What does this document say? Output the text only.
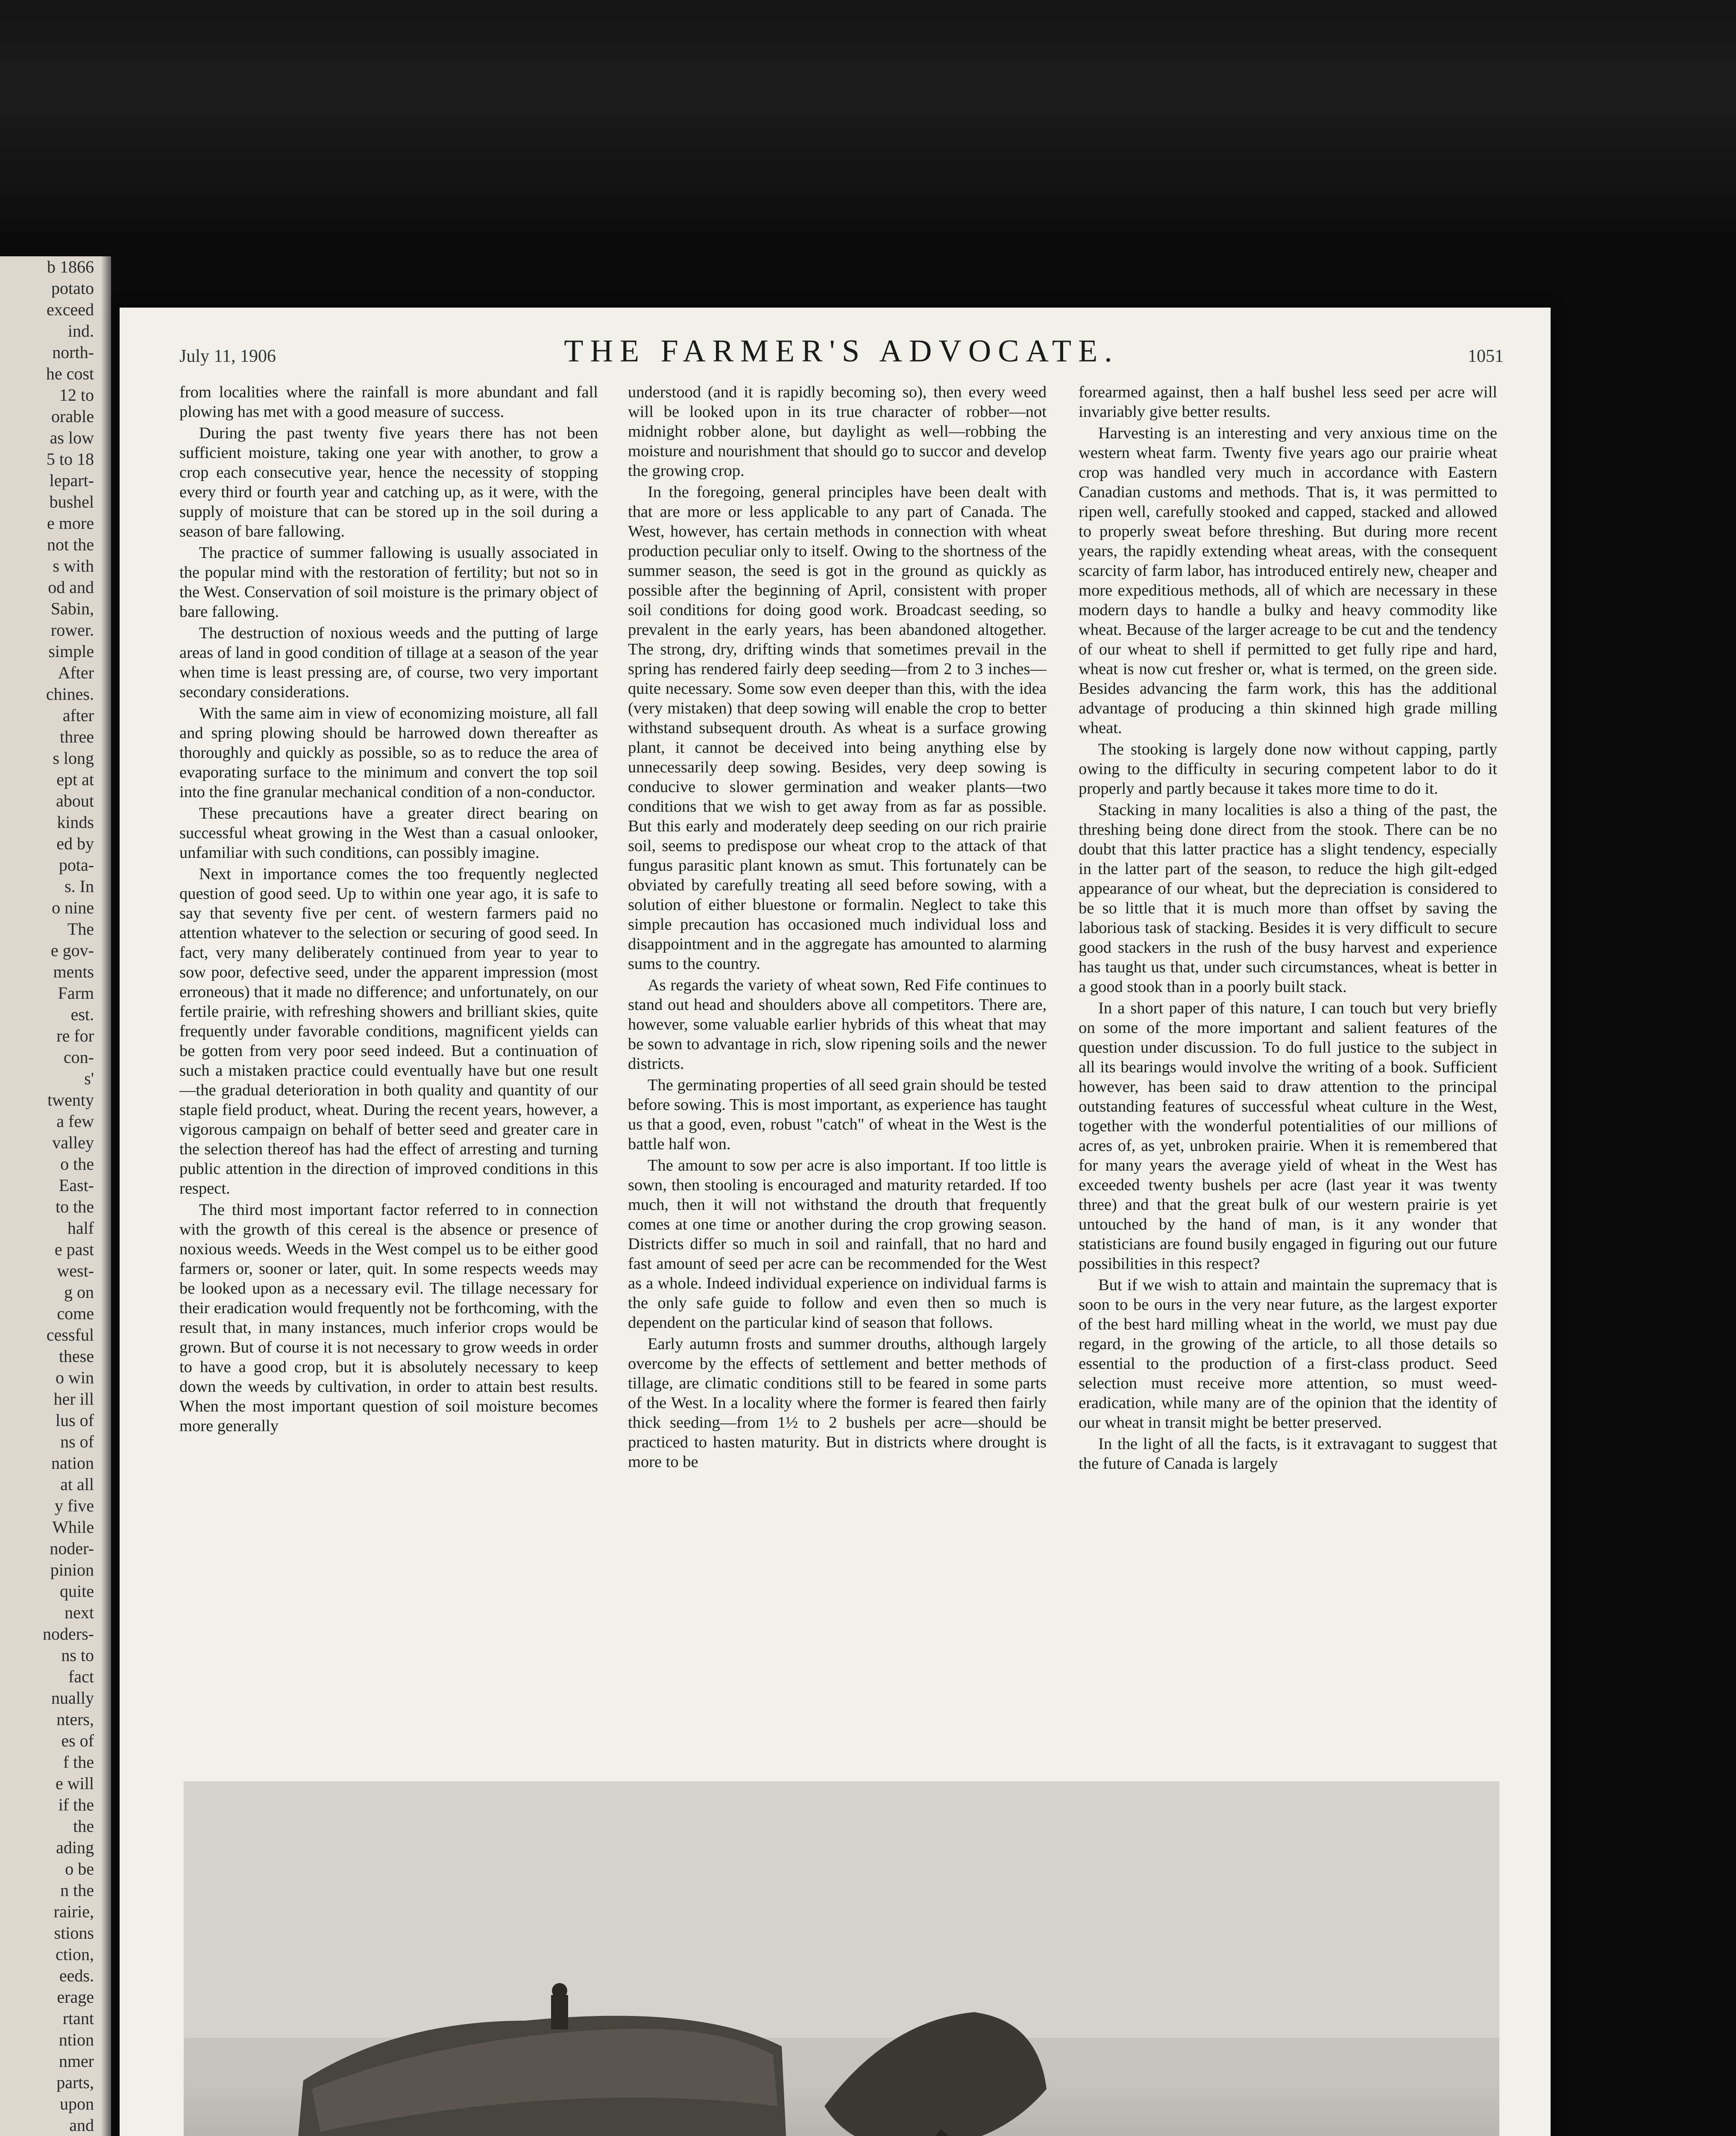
b 1866
potato
exceed
ind.
north-
he cost
12 to
orable
as low
5 to 18
lepart-
bushel
e more
not the
s with
od and
Sabin,
rower.
simple
After
chines.
after
three
s long
ept at
about
kinds
ed by
pota-
s. In
o nine
The
e gov-
ments
Farm
est.
re for
con-
s'
twenty
a few
valley
o the
East-
to the
half
e past
west-
g on
come
cessful
these
o win
her ill
lus of
ns of
nation
at all
y five
While
noder-
pinion
quite
next
noders-
ns to
fact
nually
nters,
es of
f the
e will
if the
the
ading
o be
n the
rairie,
stions
ction,
eeds.
erage
rtant
ntion
nmer
parts,
upon
and
July 11, 1906	THE FARMER'S ADVOCATE.	1051

from localities where the rainfall is more abundant and fall plowing has met with a good measure of success.

During the past twenty five years there has not been sufficient moisture, taking one year with another, to grow a crop each consecutive year, hence the necessity of stopping every third or fourth year and catching up, as it were, with the supply of moisture that can be stored up in the soil during a season of bare fallowing.

The practice of summer fallowing is usually associated in the popular mind with the restoration of fertility; but not so in the West. Conservation of soil moisture is the primary object of bare fallowing.

The destruction of noxious weeds and the putting of large areas of land in good condition of tillage at a season of the year when time is least pressing are, of course, two very important secondary considerations.

With the same aim in view of economizing moisture, all fall and spring plowing should be harrowed down thereafter as thoroughly and quickly as possible, so as to reduce the area of evaporating surface to the minimum and convert the top soil into the fine granular mechanical condition of a non-conductor.

These precautions have a greater direct bearing on successful wheat growing in the West than a casual onlooker, unfamiliar with such conditions, can possibly imagine.

Next in importance comes the too frequently neglected question of good seed. Up to within one year ago, it is safe to say that seventy five per cent. of western farmers paid no attention whatever to the selection or securing of good seed. In fact, very many deliberately continued from year to year to sow poor, defective seed, under the apparent impression (most erroneous) that it made no difference; and unfortunately, on our fertile prairie, with refreshing showers and brilliant skies, quite frequently under favorable conditions, magnificent yields can be gotten from very poor seed indeed. But a continuation of such a mistaken practice could eventually have but one result—the gradual deterioration in both quality and quantity of our staple field product, wheat. During the recent years, however, a vigorous campaign on behalf of better seed and greater care in the selection thereof has had the effect of arresting and turning public attention in the direction of improved conditions in this respect.

The third most important factor referred to in connection with the growth of this cereal is the absence or presence of noxious weeds. Weeds in the West compel us to be either good farmers or, sooner or later, quit. In some respects weeds may be looked upon as a necessary evil. The tillage necessary for their eradication would frequently not be forthcoming, with the result that, in many instances, much inferior crops would be grown. But of course it is not necessary to grow weeds in order to have a good crop, but it is absolutely necessary to keep down the weeds by cultivation, in order to attain best results. When the most important question of soil moisture becomes more generally

understood (and it is rapidly becoming so), then every weed will be looked upon in its true character of robber—not midnight robber alone, but daylight as well—robbing the moisture and nourishment that should go to succor and develop the growing crop.

In the foregoing, general principles have been dealt with that are more or less applicable to any part of Canada. The West, however, has certain methods in connection with wheat production peculiar only to itself. Owing to the shortness of the summer season, the seed is got in the ground as quickly as possible after the beginning of April, consistent with proper soil conditions for doing good work. Broadcast seeding, so prevalent in the early years, has been abandoned altogether. The strong, dry, drifting winds that sometimes prevail in the spring has rendered fairly deep seeding—from 2 to 3 inches—quite necessary. Some sow even deeper than this, with the idea (very mistaken) that deep sowing will enable the crop to better withstand subsequent drouth. As wheat is a surface growing plant, it cannot be deceived into being anything else by unnecessarily deep sowing. Besides, very deep sowing is conducive to slower germination and weaker plants—two conditions that we wish to get away from as far as possible. But this early and moderately deep seeding on our rich prairie soil, seems to predispose our wheat crop to the attack of that fungus parasitic plant known as smut. This fortunately can be obviated by carefully treating all seed before sowing, with a solution of either bluestone or formalin. Neglect to take this simple precaution has occasioned much individual loss and disappointment and in the aggregate has amounted to alarming sums to the country.

As regards the variety of wheat sown, Red Fife continues to stand out head and shoulders above all competitors. There are, however, some valuable earlier hybrids of this wheat that may be sown to advantage in rich, slow ripening soils and the newer districts.

The germinating properties of all seed grain should be tested before sowing. This is most important, as experience has taught us that a good, even, robust "catch" of wheat in the West is the battle half won.

The amount to sow per acre is also important. If too little is sown, then stooling is encouraged and maturity retarded. If too much, then it will not withstand the drouth that frequently comes at one time or another during the crop growing season. Districts differ so much in soil and rainfall, that no hard and fast amount of seed per acre can be recommended for the West as a whole. Indeed individual experience on individual farms is the only safe guide to follow and even then so much is dependent on the particular kind of season that follows.

Early autumn frosts and summer drouths, although largely overcome by the effects of settlement and better methods of tillage, are climatic conditions still to be feared in some parts of the West. In a locality where the former is feared then fairly thick seeding—from 1½ to 2 bushels per acre—should be practiced to hasten maturity. But in districts where drought is more to be

forearmed against, then a half bushel less seed per acre will invariably give better results.

Harvesting is an interesting and very anxious time on the western wheat farm. Twenty five years ago our prairie wheat crop was handled very much in accordance with Eastern Canadian customs and methods. That is, it was permitted to ripen well, carefully stooked and capped, stacked and allowed to properly sweat before threshing. But during more recent years, the rapidly extending wheat areas, with the consequent scarcity of farm labor, has introduced entirely new, cheaper and more expeditious methods, all of which are necessary in these modern days to handle a bulky and heavy commodity like wheat. Because of the larger acreage to be cut and the tendency of our wheat to shell if permitted to get fully ripe and hard, wheat is now cut fresher or, what is termed, on the green side. Besides advancing the farm work, this has the additional advantage of producing a thin skinned high grade milling wheat.

The stooking is largely done now without capping, partly owing to the difficulty in securing competent labor to do it properly and partly because it takes more time to do it.

Stacking in many localities is also a thing of the past, the threshing being done direct from the stook. There can be no doubt that this latter practice has a slight tendency, especially in the latter part of the season, to reduce the high gilt-edged appearance of our wheat, but the depreciation is considered to be so little that it is much more than offset by saving the laborious task of stacking. Besides it is very difficult to secure good stackers in the rush of the busy harvest and experience has taught us that, under such circumstances, wheat is better in a good stook than in a poorly built stack.

In a short paper of this nature, I can touch but very briefly on some of the more important and salient features of the question under discussion. To do full justice to the subject in all its bearings would involve the writing of a book. Sufficient however, has been said to draw attention to the principal outstanding features of successful wheat culture in the West, together with the wonderful potentialities of our millions of acres of, as yet, unbroken prairie. When it is remembered that for many years the average yield of wheat in the West has exceeded twenty bushels per acre (last year it was twenty three) and that the great bulk of our western prairie is yet untouched by the hand of man, is it any wonder that statisticians are found busily engaged in figuring out our future possibilities in this respect?

But if we wish to attain and maintain the supremacy that is soon to be ours in the very near future, as the largest exporter of the best hard milling wheat in the world, we must pay due regard, in the growing of the article, to all those details so essential to the production of a first-class product. Seed selection must receive more attention, so must weed-eradication, while many are of the opinion that the identity of our wheat in transit might be better preserved.

In the light of all the facts, is it extravagant to suggest that the future of Canada is largely
